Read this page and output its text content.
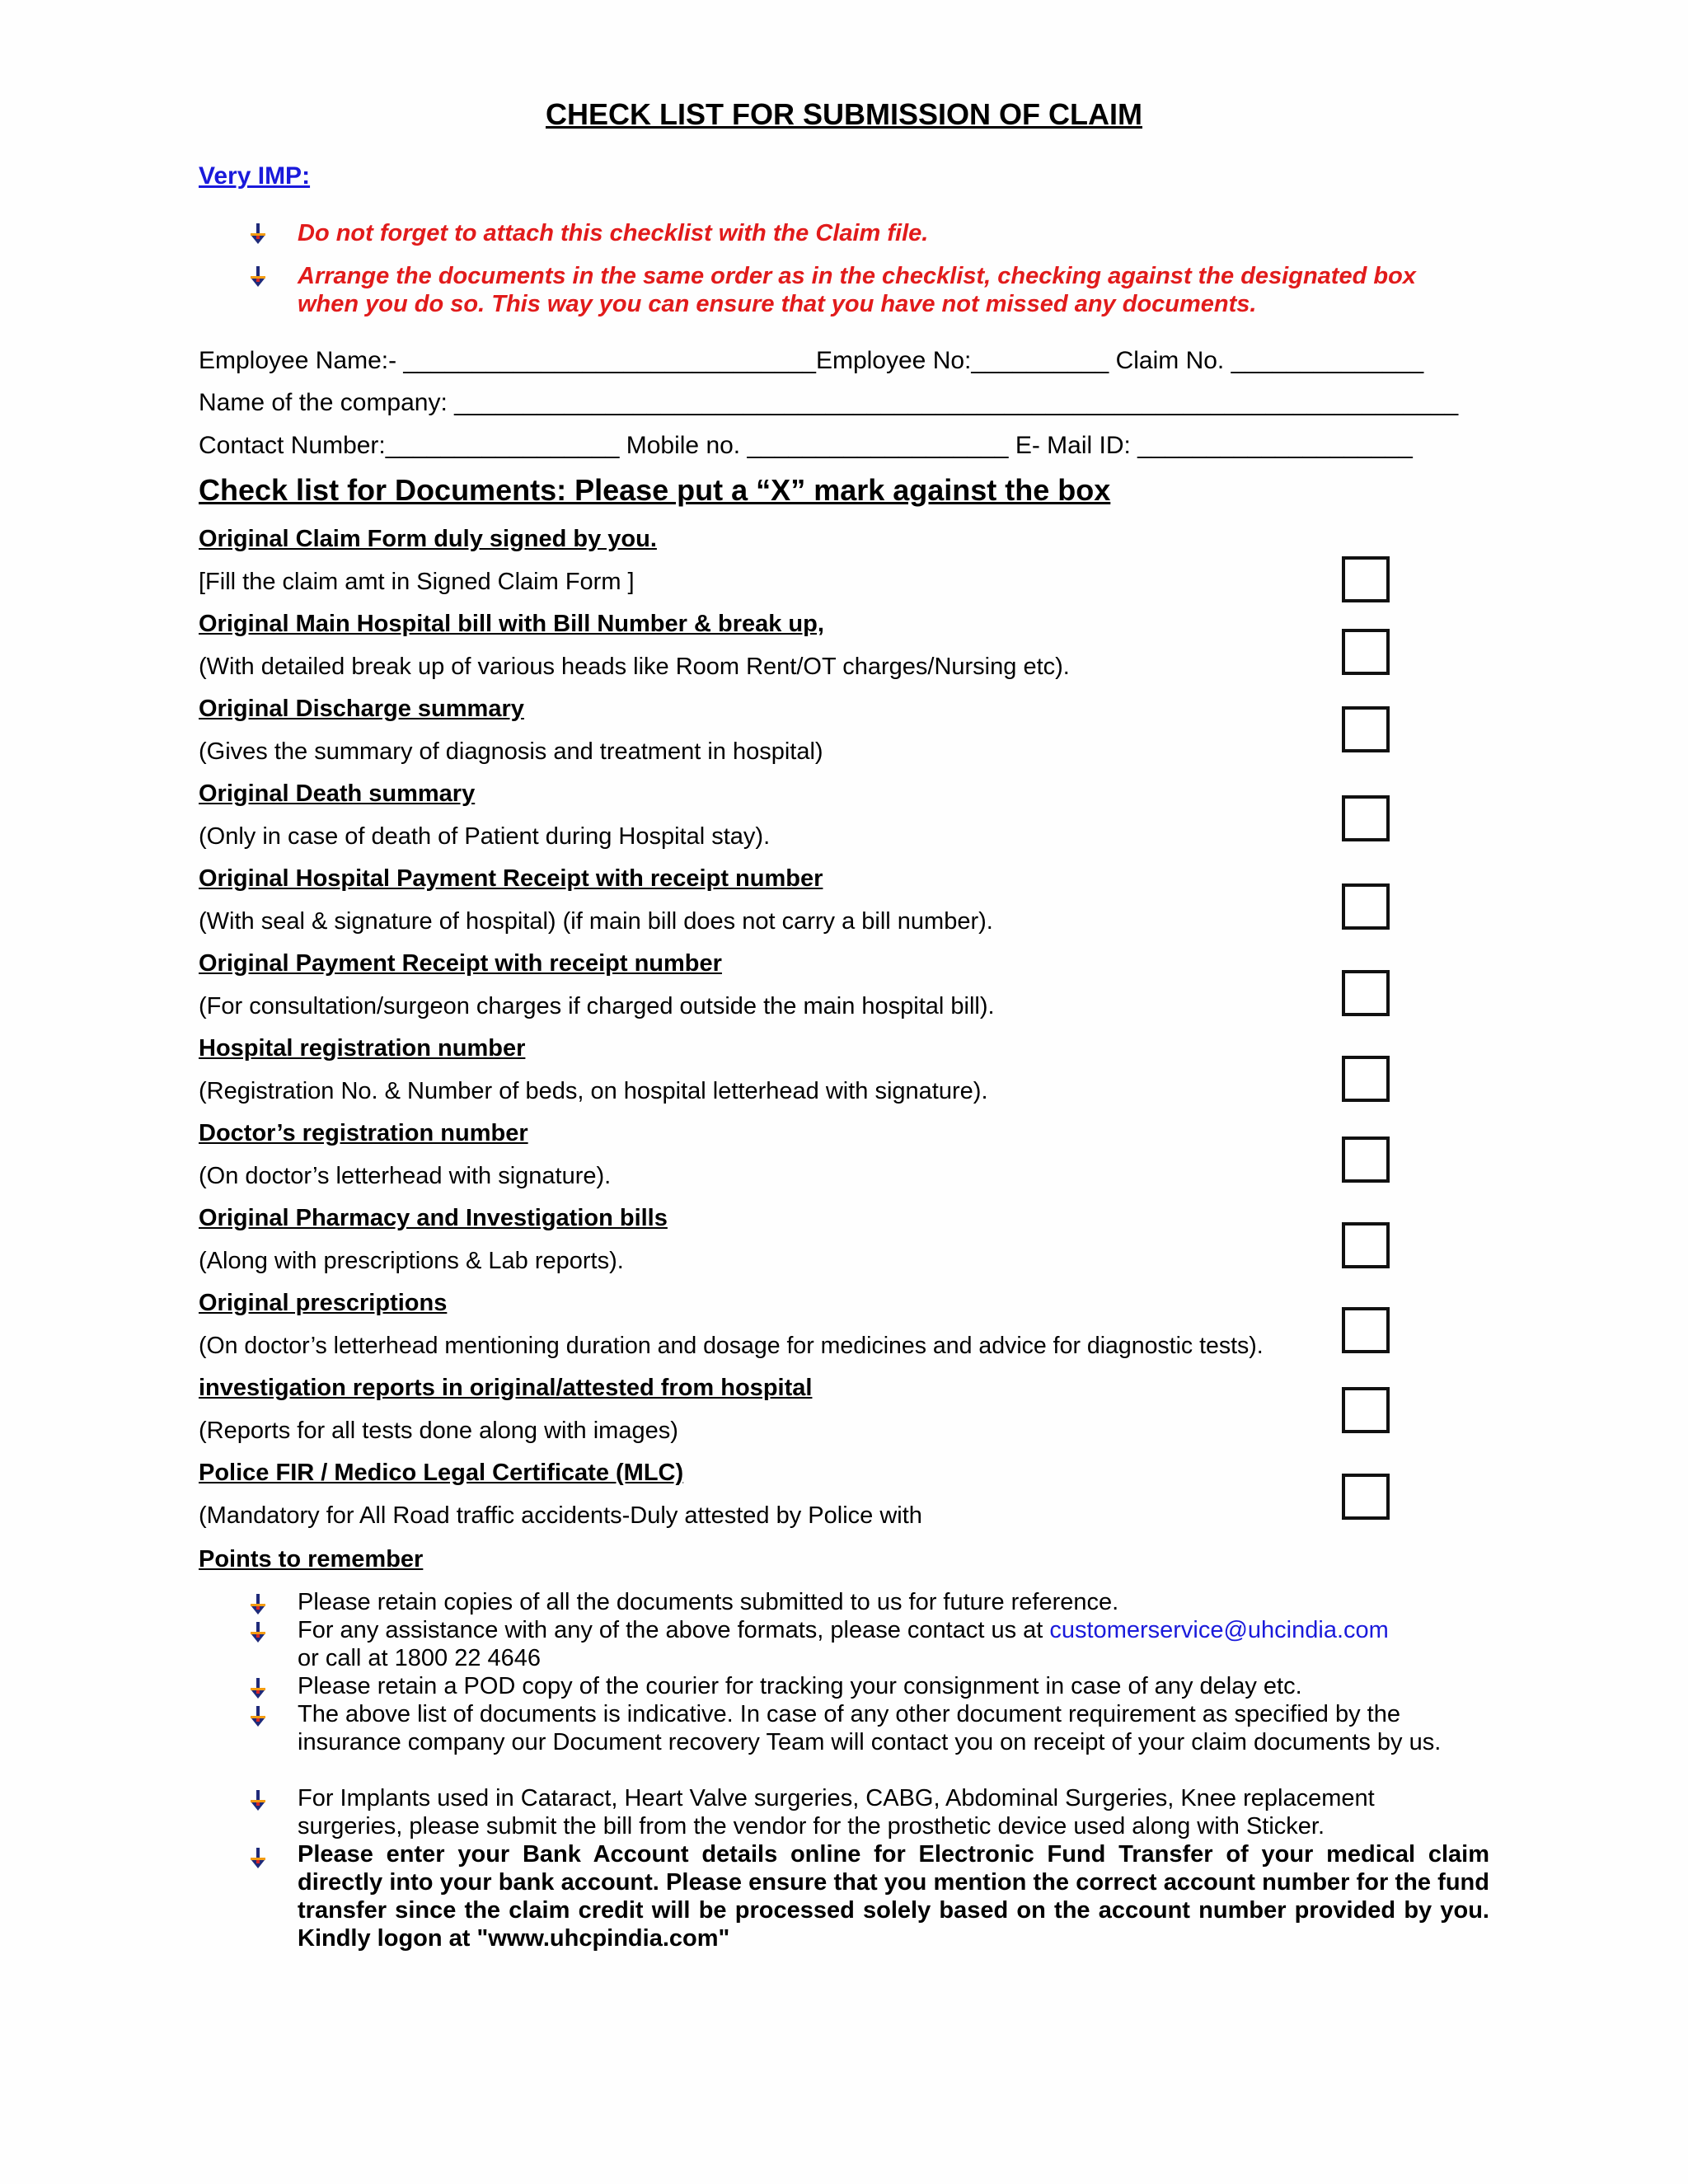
CHECK LIST FOR SUBMISSION OF CLAIM
Very IMP:
Do not forget to attach this checklist with the Claim file.
Arrange the documents in the same order as in the checklist, checking against the designated box when you do so. This way you can ensure that you have not missed any documents.
Employee Name:- ______________________________Employee No:__________ Claim No. ______________
Name of the company: _________________________________________________________________________
Contact Number:_________________ Mobile no. ___________________ E- Mail ID: ____________________
Check list for Documents: Please put a “X” mark against the box
Original Claim Form duly signed by you.
[Fill the claim amt in Signed Claim Form ]
Original Main Hospital bill with Bill Number & break up,
(With detailed break up of various heads like Room Rent/OT charges/Nursing etc).
Original Discharge summary
(Gives the summary of diagnosis and treatment in hospital)
Original Death summary
(Only in case of death of Patient during Hospital stay).
Original Hospital Payment Receipt with receipt number
(With seal & signature of hospital) (if main bill does not carry a bill number).
Original Payment Receipt with receipt number
(For consultation/surgeon charges if charged outside the main hospital bill).
Hospital registration number
(Registration No. & Number of beds, on hospital letterhead with signature).
Doctor’s registration number
(On doctor’s letterhead with signature).
Original Pharmacy and Investigation bills
(Along with prescriptions & Lab reports).
Original prescriptions
(On doctor’s letterhead mentioning duration and dosage for medicines and advice for diagnostic tests).
investigation reports in original/attested from hospital
(Reports for all tests done along with images)
Police FIR / Medico Legal Certificate (MLC)
(Mandatory for All Road traffic accidents-Duly attested by Police with
Points to remember
Please retain copies of all the documents submitted to us for future reference.
For any assistance with any of the above formats, please contact us at customerservice@uhcindia.com
or call at 1800 22 4646
Please retain a POD copy of the courier for tracking your consignment in case of any delay etc.
The above list of documents is indicative. In case of any other document requirement as specified by the insurance company our Document recovery Team will contact you on receipt of your claim documents by us.
For Implants used in Cataract, Heart Valve surgeries, CABG, Abdominal Surgeries, Knee replacement surgeries, please submit the bill from the vendor for the prosthetic device used along with Sticker.
Please enter your Bank Account details online for Electronic Fund Transfer of your medical claim directly into your bank account. Please ensure that you mention the correct account number for the fund transfer since the claim credit will be processed solely based on the account number provided by you. Kindly logon at "www.uhcpindia.com"
